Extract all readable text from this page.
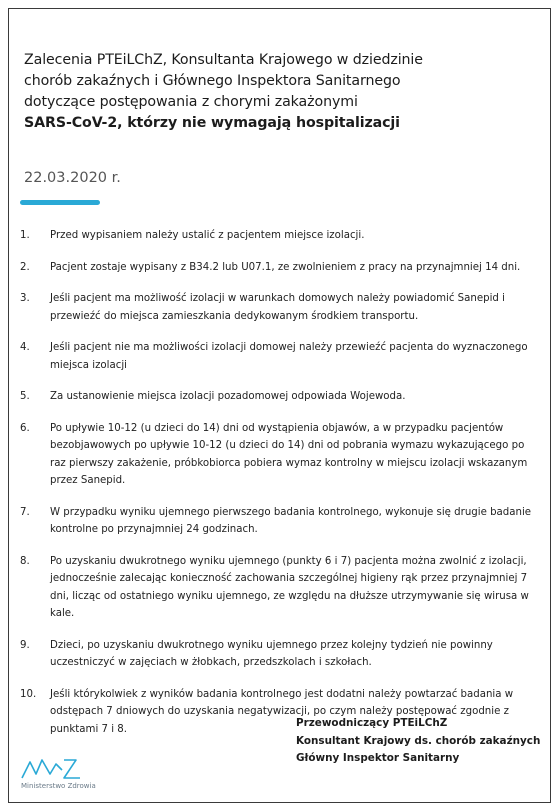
Zalecenia PTEiLChZ, Konsultanta Krajowego w dziedzinie
chorób zakaźnych i Głównego Inspektora Sanitarnego
dotyczące postępowania z chorymi zakażonymi
SARS-CoV-2, którzy nie wymagają hospitalizacji
22.03.2020 r.
1. Przed wypisaniem należy ustalić z pacjentem miejsce izolacji.
2. Pacjent zostaje wypisany z B34.2 lub U07.1, ze zwolnieniem z pracy na przynajmniej 14 dni.
3. Jeśli pacjent ma możliwość izolacji w warunkach domowych należy powiadomić Sanepid i przewieźć do miejsca zamieszkania dedykowanym środkiem transportu.
4. Jeśli pacjent nie ma możliwości izolacji domowej należy przewieźć pacjenta do wyznaczonego miejsca izolacji
5. Za ustanowienie miejsca izolacji pozadomowej odpowiada Wojewoda.
6. Po upływie 10-12 (u dzieci do 14) dni od wystąpienia objawów, a w przypadku pacjentów bezobjawowych po upływie 10-12 (u dzieci do 14) dni od pobrania wymazu wykazującego po raz pierwszy zakażenie, próbkobiorca pobiera wymaz kontrolny w miejscu izolacji wskazanym przez Sanepid.
7. W przypadku wyniku ujemnego pierwszego badania kontrolnego, wykonuje się drugie badanie kontrolne po przynajmniej 24 godzinach.
8. Po uzyskaniu dwukrotnego wyniku ujemnego (punkty 6 i 7) pacjenta można zwolnić z izolacji, jednocześnie zalecając konieczność zachowania szczególnej higieny rąk przez przynajmniej 7 dni, licząc od ostatniego wyniku ujemnego, ze względu na dłuższe utrzymywanie się wirusa w kale.
9. Dzieci, po uzyskaniu dwukrotnego wyniku ujemnego przez kolejny tydzień nie powinny uczestniczyć w zajęciach w żłobkach, przedszkolach i szkołach.
10. Jeśli którykolwiek z wyników badania kontrolnego jest dodatni należy powtarzać badania w odstępach 7 dniowych do uzyskania negatywizacji, po czym należy postępować zgodnie z punktami 7 i 8.	Przewodniczący PTEiLChZ
Konsultant Krajowy ds. chorób zakaźnych
Główny Inspektor Sanitarny
Ministerstwo Zdrowia
